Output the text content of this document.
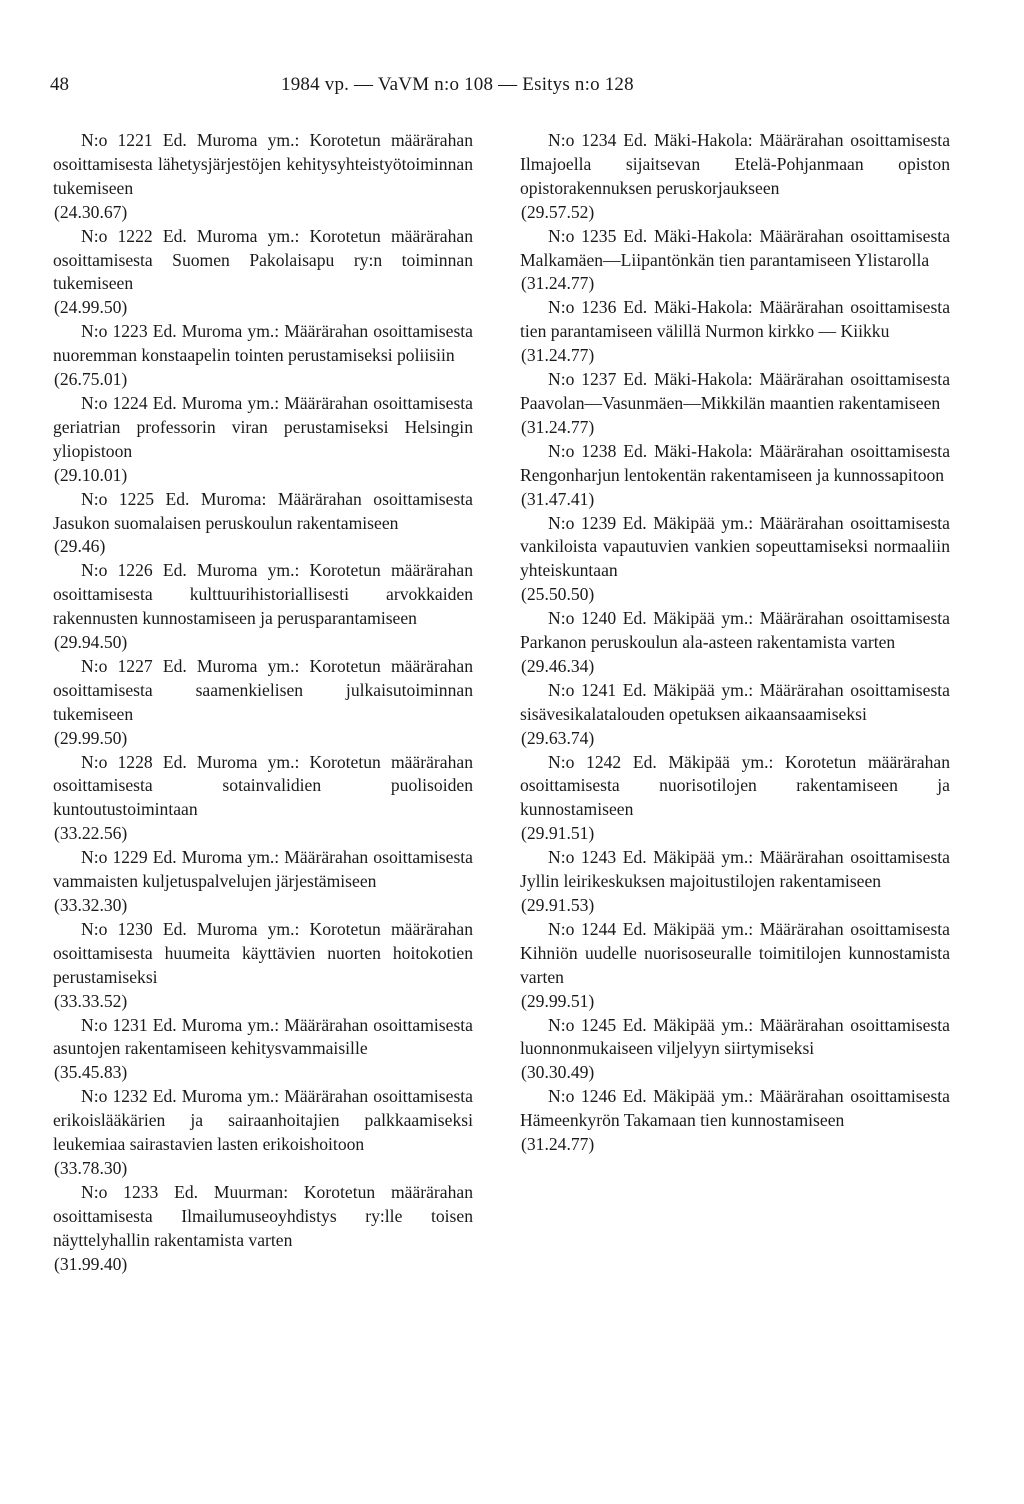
48	1984 vp. — VaVM n:o 108 — Esitys n:o 128

N:o 1221 Ed. Muroma ym.: Korotetun määrärahan osoittamisesta lähetysjärjestöjen kehitysyhteistyötoiminnan tukemiseen

(24.30.67)

N:o 1222 Ed. Muroma ym.: Korotetun määrärahan osoittamisesta Suomen Pakolaisapu ry:n toiminnan tukemiseen

(24.99.50)

N:o 1223 Ed. Muroma ym.: Määrärahan osoittamisesta nuoremman konstaapelin tointen perustamiseksi poliisiin

(26.75.01)

N:o 1224 Ed. Muroma ym.: Määrärahan osoittamisesta geriatrian professorin viran perustamiseksi Helsingin yliopistoon

(29.10.01)

N:o 1225 Ed. Muroma: Määrärahan osoittamisesta Jasukon suomalaisen peruskoulun rakentamiseen

(29.46)

N:o 1226 Ed. Muroma ym.: Korotetun määrärahan osoittamisesta kulttuurihistoriallisesti arvokkaiden rakennusten kunnostamiseen ja perusparantamiseen

(29.94.50)

N:o 1227 Ed. Muroma ym.: Korotetun määrärahan osoittamisesta saamenkielisen julkaisutoiminnan tukemiseen

(29.99.50)

N:o 1228 Ed. Muroma ym.: Korotetun määrärahan osoittamisesta sotainvalidien puolisoiden kuntoutustoimintaan

(33.22.56)

N:o 1229 Ed. Muroma ym.: Määrärahan osoittamisesta vammaisten kuljetuspalvelujen järjestämiseen

(33.32.30)

N:o 1230 Ed. Muroma ym.: Korotetun määrärahan osoittamisesta huumeita käyttävien nuorten hoitokotien perustamiseksi

(33.33.52)

N:o 1231 Ed. Muroma ym.: Määrärahan osoittamisesta asuntojen rakentamiseen kehitysvammaisille

(35.45.83)

N:o 1232 Ed. Muroma ym.: Määrärahan osoittamisesta erikoislääkärien ja sairaanhoitajien palkkaamiseksi leukemiaa sairastavien lasten erikoishoitoon

(33.78.30)

N:o 1233 Ed. Muurman: Korotetun määrärahan osoittamisesta Ilmailumuseoyhdistys ry:lle toisen näyttelyhallin rakentamista varten

(31.99.40)

N:o 1234 Ed. Mäki-Hakola: Määrärahan osoittamisesta Ilmajoella sijaitsevan Etelä-Pohjanmaan opiston opistorakennuksen peruskorjaukseen

(29.57.52)

N:o 1235 Ed. Mäki-Hakola: Määrärahan osoittamisesta Malkamäen—Liipantönkän tien parantamiseen Ylistarolla

(31.24.77)

N:o 1236 Ed. Mäki-Hakola: Määrärahan osoittamisesta tien parantamiseen välillä Nurmon kirkko — Kiikku

(31.24.77)

N:o 1237 Ed. Mäki-Hakola: Määrärahan osoittamisesta Paavolan—Vasunmäen—Mikkilän maantien rakentamiseen

(31.24.77)

N:o 1238 Ed. Mäki-Hakola: Määrärahan osoittamisesta Rengonharjun lentokentän rakentamiseen ja kunnossapitoon

(31.47.41)

N:o 1239 Ed. Mäkipää ym.: Määrärahan osoittamisesta vankiloista vapautuvien vankien sopeuttamiseksi normaaliin yhteiskuntaan

(25.50.50)

N:o 1240 Ed. Mäkipää ym.: Määrärahan osoittamisesta Parkanon peruskoulun ala-asteen rakentamista varten

(29.46.34)

N:o 1241 Ed. Mäkipää ym.: Määrärahan osoittamisesta sisävesikalatalouden opetuksen aikaansaamiseksi

(29.63.74)

N:o 1242 Ed. Mäkipää ym.: Korotetun määrärahan osoittamisesta nuorisotilojen rakentamiseen ja kunnostamiseen

(29.91.51)

N:o 1243 Ed. Mäkipää ym.: Määrärahan osoittamisesta Jyllin leirikeskuksen majoitustilojen rakentamiseen

(29.91.53)

N:o 1244 Ed. Mäkipää ym.: Määrärahan osoittamisesta Kihniön uudelle nuorisoseuralle toimitilojen kunnostamista varten

(29.99.51)

N:o 1245 Ed. Mäkipää ym.: Määrärahan osoittamisesta luonnonmukaiseen viljelyyn siirtymiseksi

(30.30.49)

N:o 1246 Ed. Mäkipää ym.: Määrärahan osoittamisesta Hämeenkyrön Takamaan tien kunnostamiseen

(31.24.77)
